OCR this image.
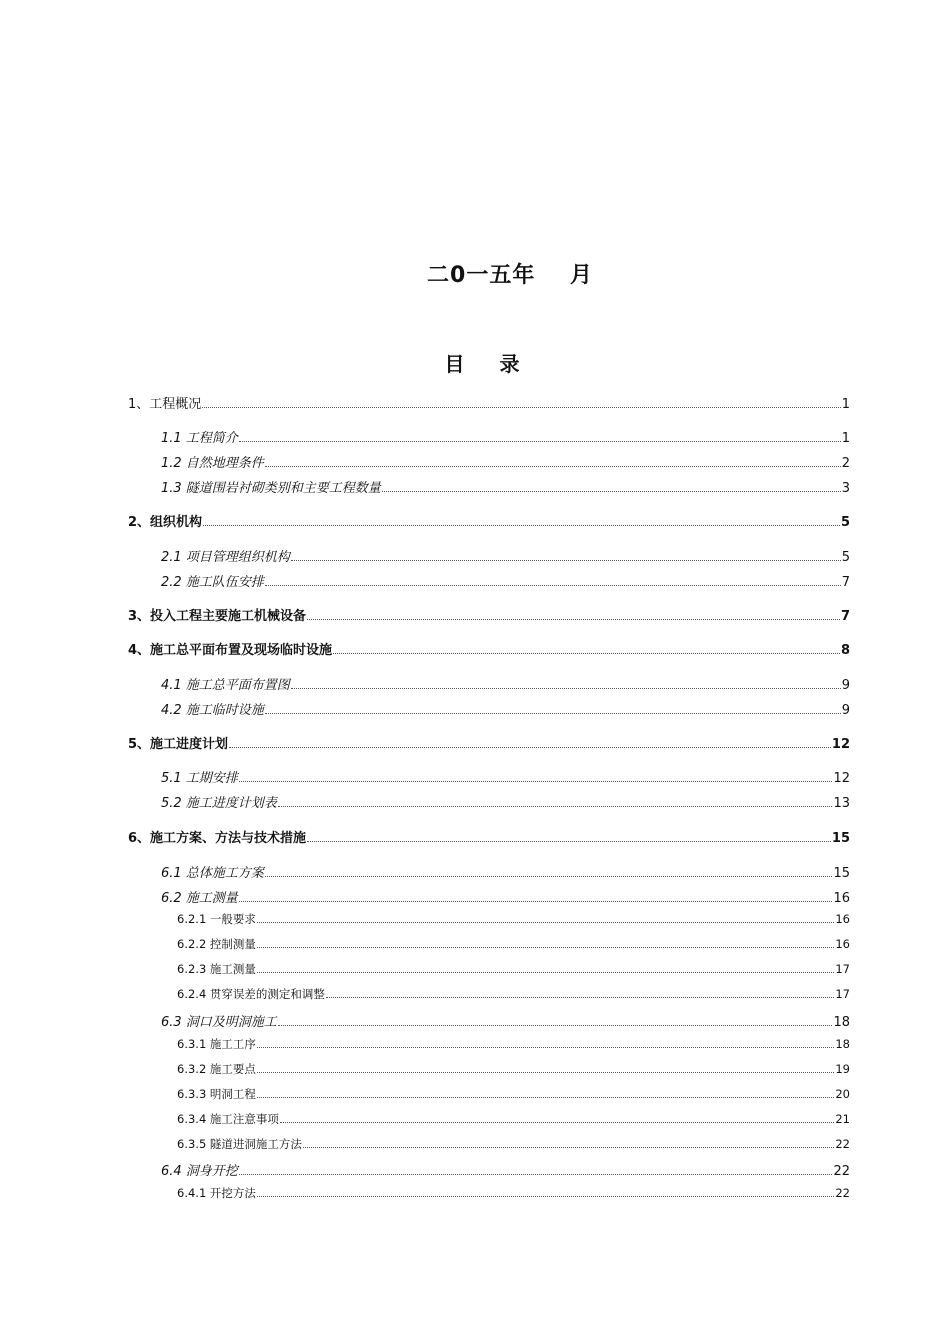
二0一五年    月
目 录
1、工程概况	1
1.1 工程简介	1
1.2 自然地理条件	2
1.3 隧道围岩衬砌类别和主要工程数量	3
2、组织机构	5
2.1 项目管理组织机构	5
2.2 施工队伍安排	7
3、投入工程主要施工机械设备	7
4、施工总平面布置及现场临时设施	8
4.1 施工总平面布置图	9
4.2 施工临时设施	9
5、施工进度计划	12
5.1 工期安排	12
5.2 施工进度计划表	13
6、施工方案、方法与技术措施	15
6.1 总体施工方案	15
6.2 施工测量	16
6.2.1 一般要求	16
6.2.2 控制测量	16
6.2.3 施工测量	17
6.2.4 贯穿误差的测定和调整	17
6.3 洞口及明洞施工	18
6.3.1 施工工序	18
6.3.2 施工要点	19
6.3.3 明洞工程	20
6.3.4 施工注意事项	21
6.3.5 隧道进洞施工方法	22
6.4 洞身开挖	22
6.4.1 开挖方法	22
